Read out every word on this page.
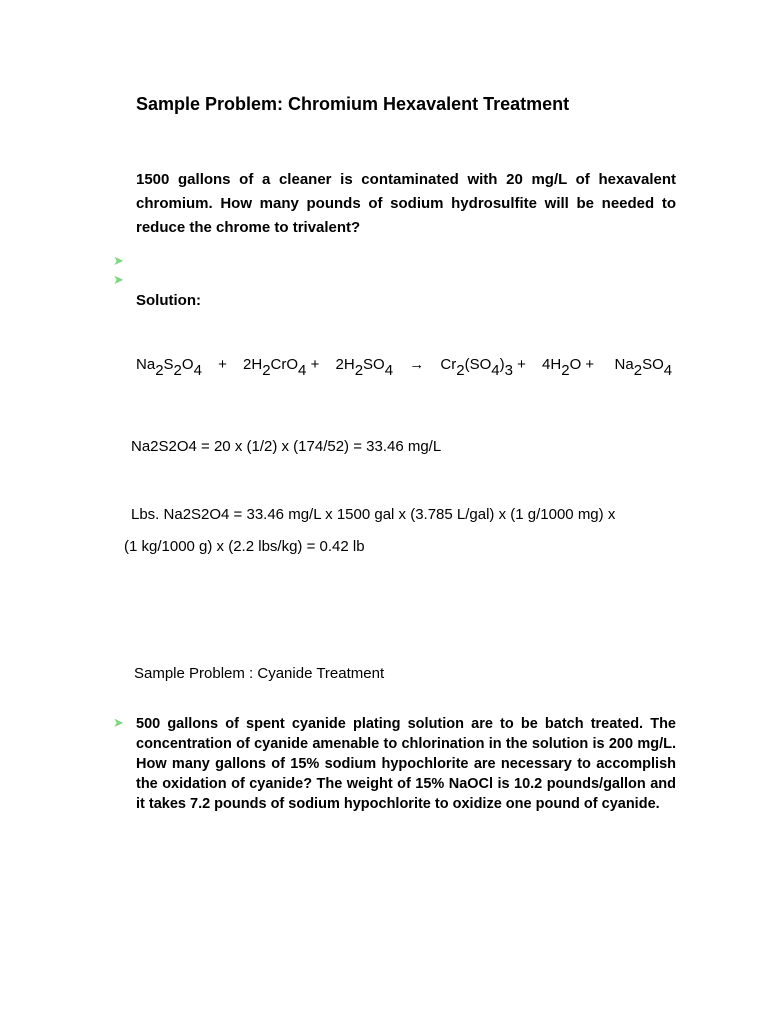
Sample Problem: Chromium Hexavalent Treatment
1500 gallons of a cleaner is contaminated with 20 mg/L of hexavalent chromium. How many pounds of sodium hydrosulfite will be needed to reduce the chrome to trivalent?
➤
➤
Solution:
$Na_2S_2O_4 + 2H_2CrO_4 + 2H_2SO_4 \to Cr_2(SO_4)_3 + 4H_2O + Na_2SO_4$
Na2S2O4 = 20 x (1/2) x (174/52) = 33.46 mg/L
Lbs. Na2S2O4 = 33.46 mg/L x 1500 gal x (3.785 L/gal) x (1 g/1000 mg) x
(1 kg/1000 g) x (2.2 lbs/kg) = 0.42 lb
Sample Problem : Cyanide Treatment
➤ 500 gallons of spent cyanide plating solution are to be batch treated. The concentration of cyanide amenable to chlorination in the solution is 200 mg/L. How many gallons of 15% sodium hypochlorite are necessary to accomplish the oxidation of cyanide? The weight of 15% NaOCl is 10.2 pounds/gallon and it takes 7.2 pounds of sodium hypochlorite to oxidize one pound of cyanide.
